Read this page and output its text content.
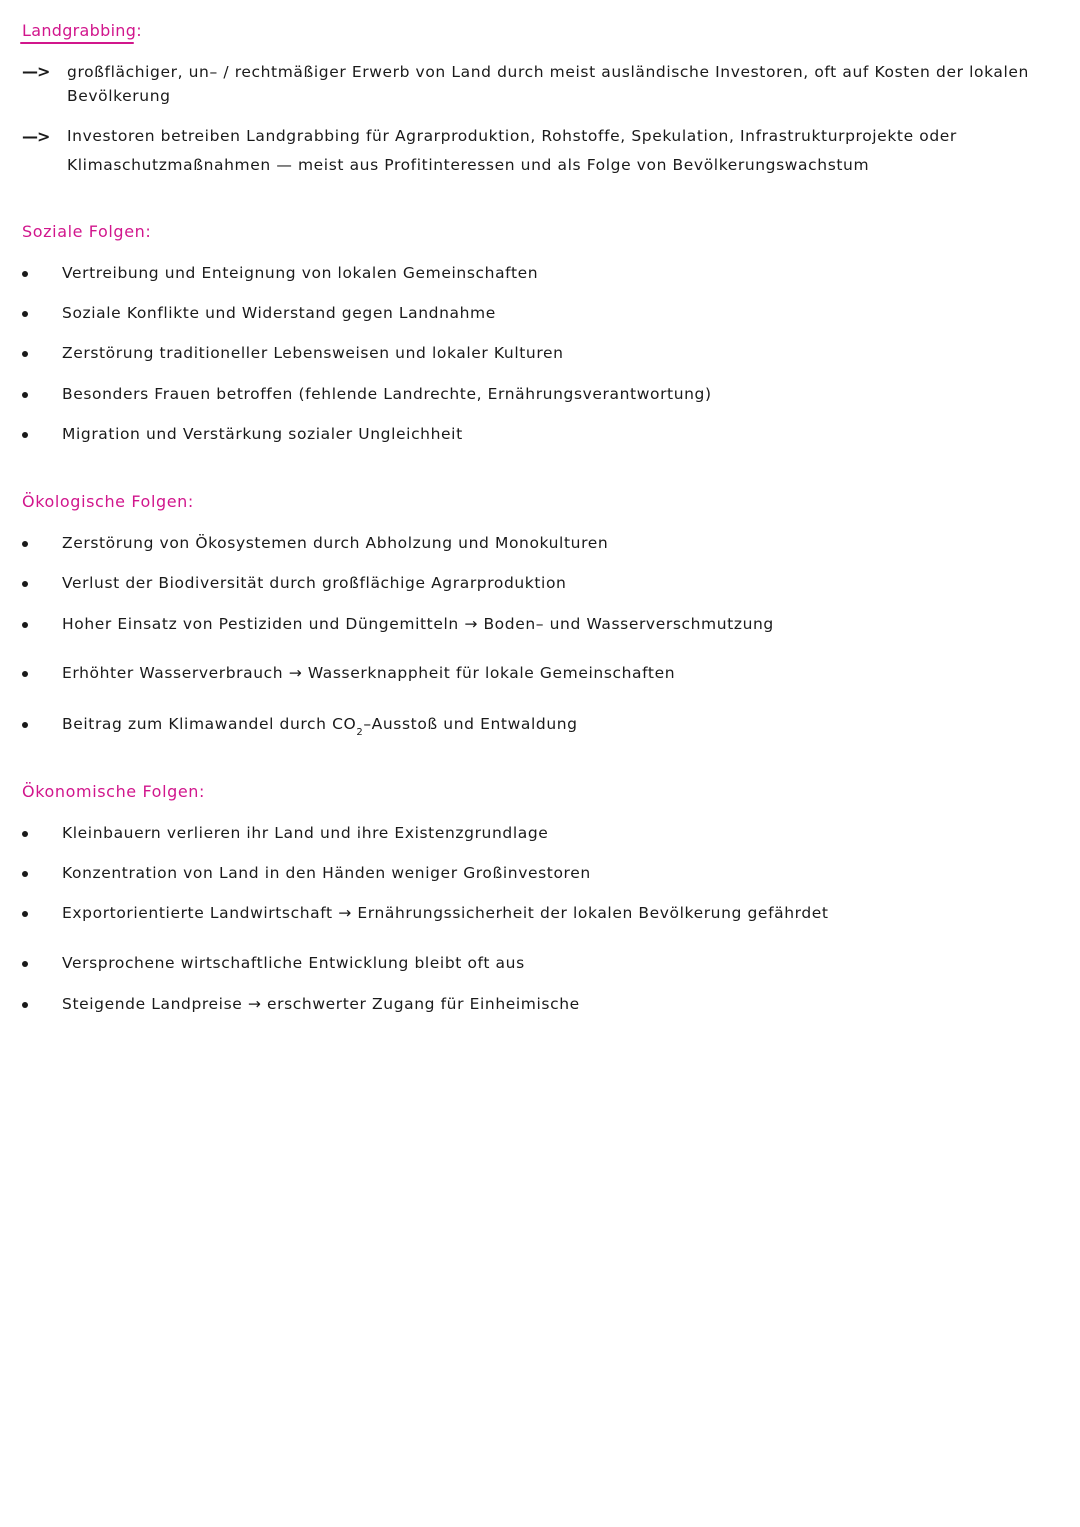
Landgrabbing:
—> großflächiger, un– / rechtmäßiger Erwerb von Land durch meist ausländische Investoren, oft auf Kosten der lokalen Bevölkerung
—> Investoren betreiben Landgrabbing für Agrarproduktion, Rohstoffe, Spekulation, Infrastrukturprojekte oder Klimaschutzmaßnahmen — meist aus Profitinteressen und als Folge von Bevölkerungswachstum
Soziale Folgen:
Vertreibung und Enteignung von lokalen Gemeinschaften
Soziale Konflikte und Widerstand gegen Landnahme
Zerstörung traditioneller Lebensweisen und lokaler Kulturen
Besonders Frauen betroffen (fehlende Landrechte, Ernährungsverantwortung)
Migration und Verstärkung sozialer Ungleichheit
Ökologische Folgen:
Zerstörung von Ökosystemen durch Abholzung und Monokulturen
Verlust der Biodiversität durch großflächige Agrarproduktion
Hoher Einsatz von Pestiziden und Düngemitteln → Boden– und Wasserverschmutzung
Erhöhter Wasserverbrauch → Wasserknappheit für lokale Gemeinschaften
Beitrag zum Klimawandel durch $CO_2$–Ausstoß und Entwaldung
Ökonomische Folgen:
Kleinbauern verlieren ihr Land und ihre Existenzgrundlage
Konzentration von Land in den Händen weniger Großinvestoren
Exportorientierte Landwirtschaft → Ernährungssicherheit der lokalen Bevölkerung gefährdet
Versprochene wirtschaftliche Entwicklung bleibt oft aus
Steigende Landpreise → erschwerter Zugang für Einheimische
